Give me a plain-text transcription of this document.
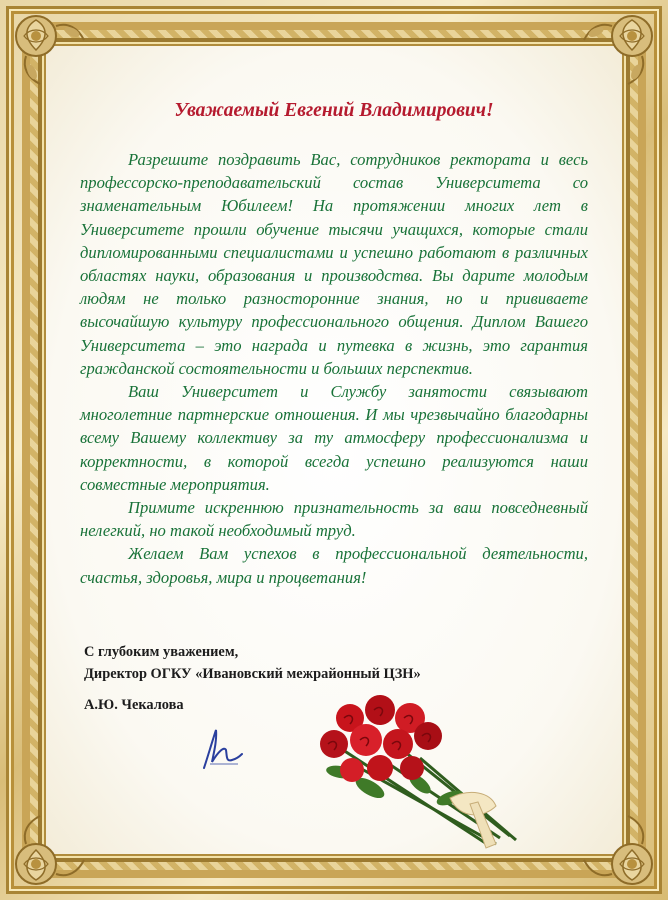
Уважаемый Евгений Владимирович!

Разрешите поздравить Вас, сотрудников ректората и весь профессорско-преподавательский состав Университета со знаменательным Юбилеем! На протяжении многих лет в Университете прошли обучение тысячи учащихся, которые стали дипломированными специалистами и успешно работают в различных областях науки, образования и производства. Вы дарите молодым людям не только разносторонние знания, но и прививаете высочайшую культуру профессионального общения. Диплом Вашего Университета – это награда и путевка в жизнь, это гарантия гражданской состоятельности и больших перспектив.

Ваш Университет и Службу занятости связывают многолетние партнерские отношения. И мы чрезвычайно благодарны всему Вашему коллективу за ту атмосферу профессионализма и корректности, в которой всегда успешно реализуются наши совместные мероприятия.

Примите искреннюю признательность за ваш повседневный нелегкий, но такой необходимый труд.

Желаем Вам успехов в профессиональной деятельности, счастья, здоровья, мира и процветания!

С глубоким уважением,
Директор ОГКУ «Ивановский межрайонный ЦЗН»
А.Ю. Чекалова
